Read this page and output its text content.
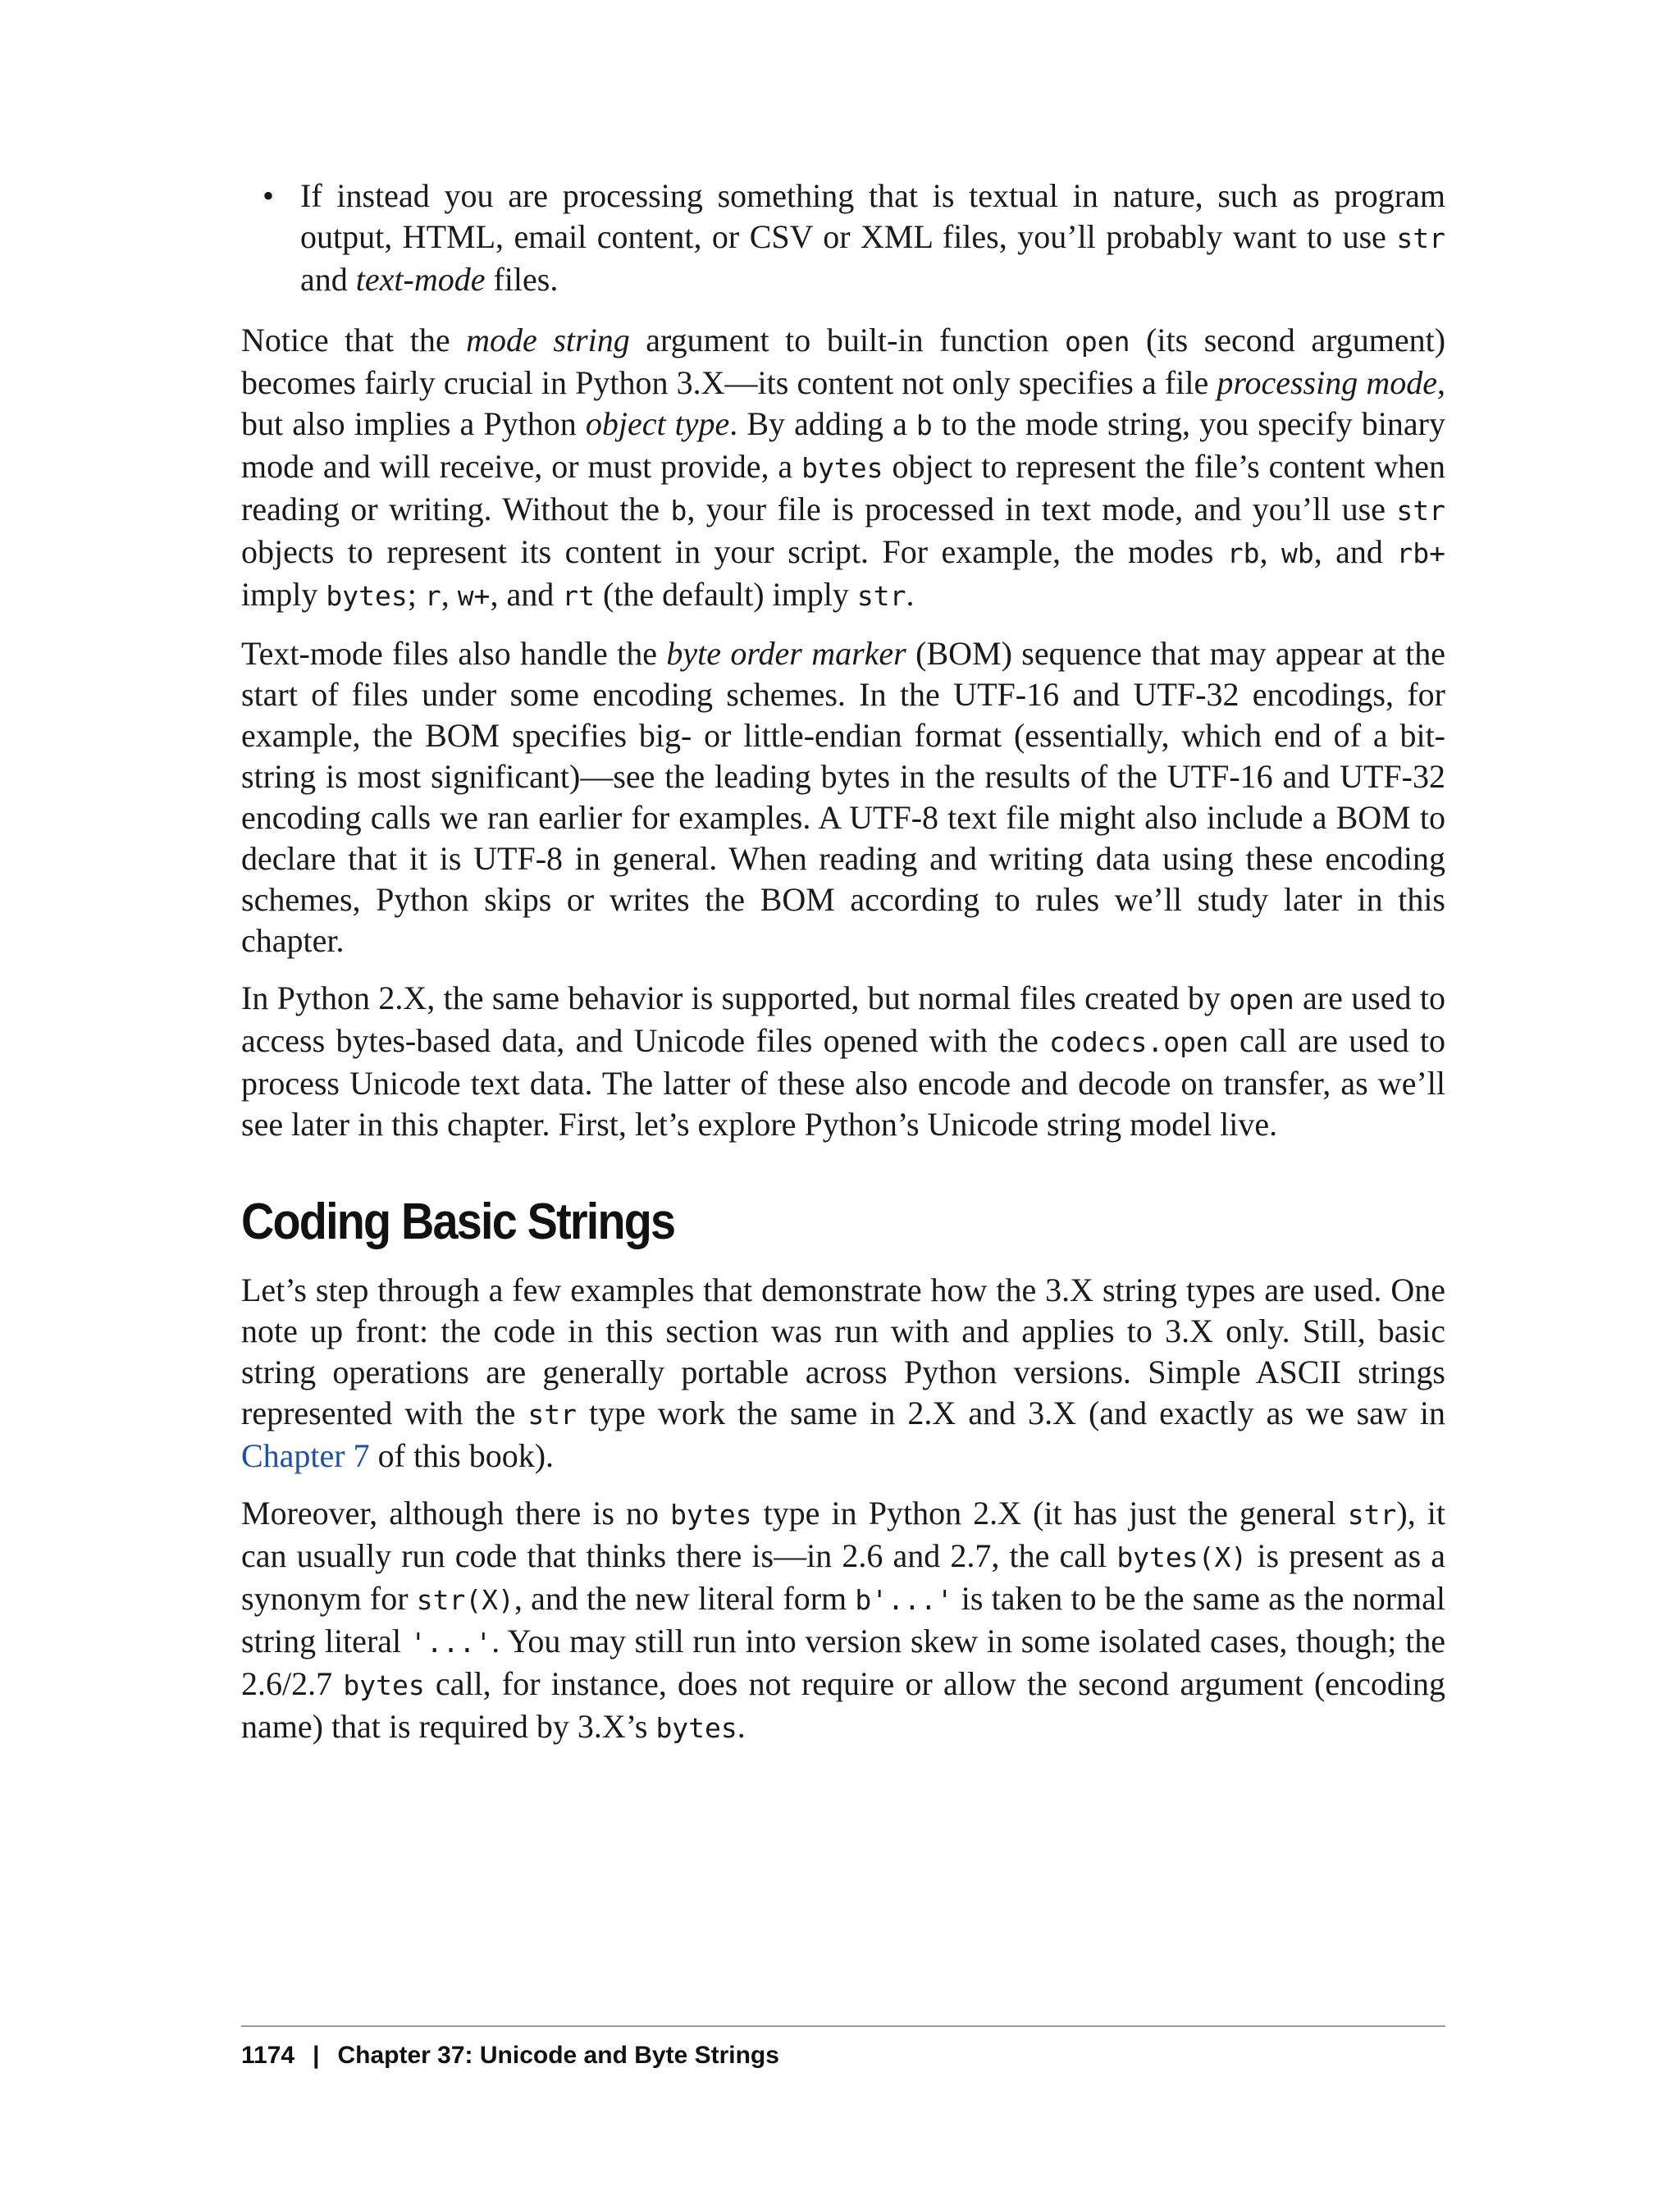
• If instead you are processing something that is textual in nature, such as program output, HTML, email content, or CSV or XML files, you’ll probably want to use str and text-mode files.

Notice that the mode string argument to built-in function open (its second argument) becomes fairly crucial in Python 3.X—its content not only specifies a file processing mode, but also implies a Python object type. By adding a b to the mode string, you specify binary mode and will receive, or must provide, a bytes object to represent the file’s content when reading or writing. Without the b, your file is processed in text mode, and you’ll use str objects to represent its content in your script. For example, the modes rb, wb, and rb+ imply bytes; r, w+, and rt (the default) imply str.

Text-mode files also handle the byte order marker (BOM) sequence that may appear at the start of files under some encoding schemes. In the UTF-16 and UTF-32 encodings, for example, the BOM specifies big- or little-endian format (essentially, which end of a bit-string is most significant)—see the leading bytes in the results of the UTF-16 and UTF-32 encoding calls we ran earlier for examples. A UTF-8 text file might also include a BOM to declare that it is UTF-8 in general. When reading and writing data using these encoding schemes, Python skips or writes the BOM according to rules we’ll study later in this chapter.

In Python 2.X, the same behavior is supported, but normal files created by open are used to access bytes-based data, and Unicode files opened with the codecs.open call are used to process Unicode text data. The latter of these also encode and decode on transfer, as we’ll see later in this chapter. First, let’s explore Python’s Unicode string model live.

Coding Basic Strings

Let’s step through a few examples that demonstrate how the 3.X string types are used. One note up front: the code in this section was run with and applies to 3.X only. Still, basic string operations are generally portable across Python versions. Simple ASCII strings represented with the str type work the same in 2.X and 3.X (and exactly as we saw in Chapter 7 of this book).

Moreover, although there is no bytes type in Python 2.X (it has just the general str), it can usually run code that thinks there is—in 2.6 and 2.7, the call bytes(X) is present as a synonym for str(X), and the new literal form b'...' is taken to be the same as the normal string literal '...'. You may still run into version skew in some isolated cases, though; the 2.6/2.7 bytes call, for instance, does not require or allow the second argument (encoding name) that is required by 3.X’s bytes.

1174 | Chapter 37: Unicode and Byte Strings
